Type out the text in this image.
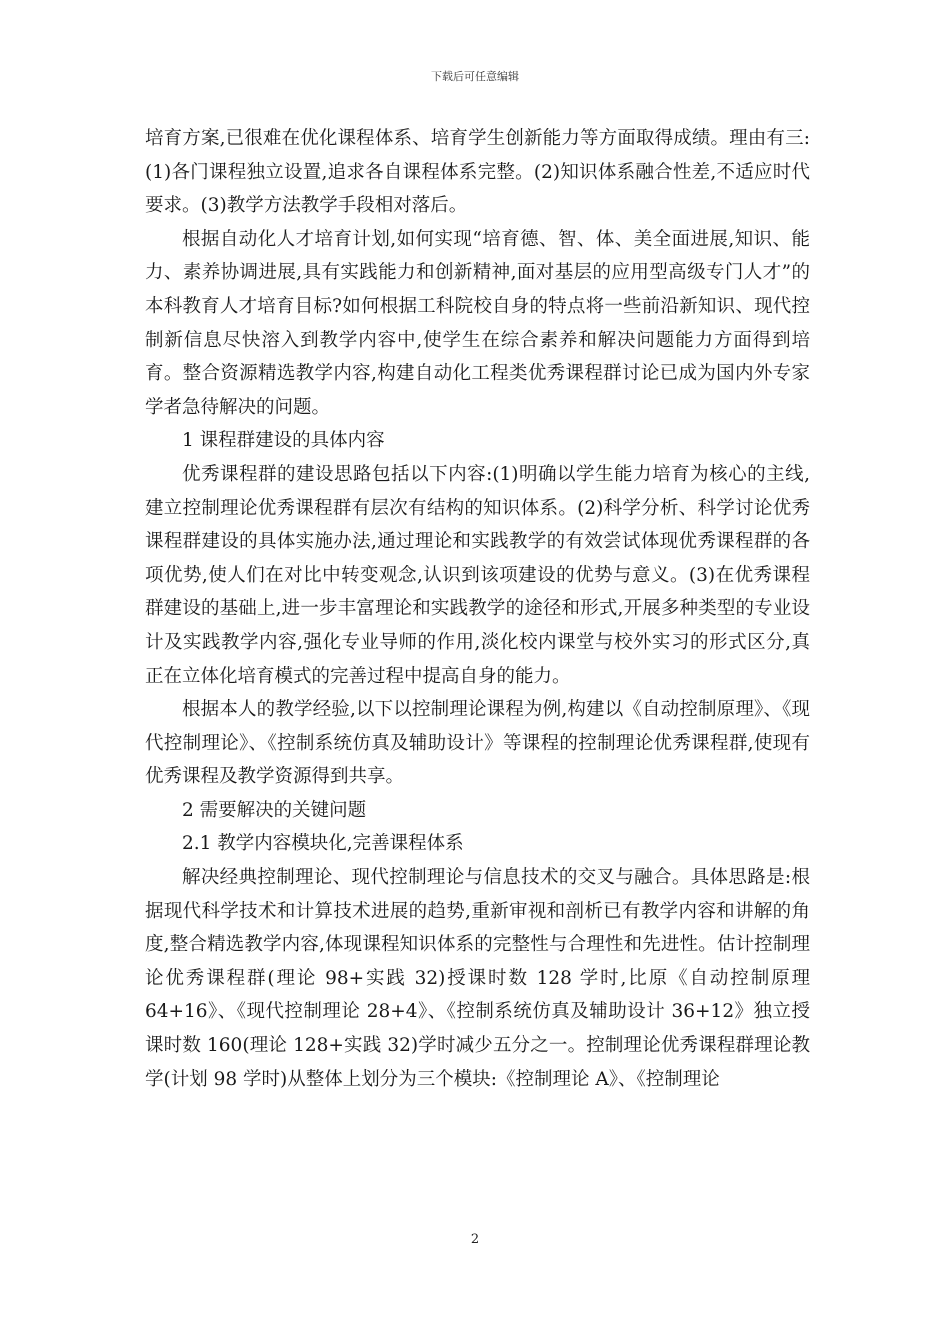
下载后可任意编辑

培育方案,已很难在优化课程体系、培育学生创新能力等方面取得成绩。理由有三:(1)各门课程独立设置,追求各自课程体系完整。(2)知识体系融合性差,不适应时代要求。(3)教学方法教学手段相对落后。

根据自动化人才培育计划,如何实现“培育德、智、体、美全面进展,知识、能力、素养协调进展,具有实践能力和创新精神,面对基层的应用型高级专门人才”的本科教育人才培育目标?如何根据工科院校自身的特点将一些前沿新知识、现代控制新信息尽快溶入到教学内容中,使学生在综合素养和解决问题能力方面得到培育。整合资源精选教学内容,构建自动化工程类优秀课程群讨论已成为国内外专家学者急待解决的问题。

1 课程群建设的具体内容

优秀课程群的建设思路包括以下内容:(1)明确以学生能力培育为核心的主线,建立控制理论优秀课程群有层次有结构的知识体系。(2)科学分析、科学讨论优秀课程群建设的具体实施办法,通过理论和实践教学的有效尝试体现优秀课程群的各项优势,使人们在对比中转变观念,认识到该项建设的优势与意义。(3)在优秀课程群建设的基础上,进一步丰富理论和实践教学的途径和形式,开展多种类型的专业设计及实践教学内容,强化专业导师的作用,淡化校内课堂与校外实习的形式区分,真正在立体化培育模式的完善过程中提高自身的能力。

根据本人的教学经验,以下以控制理论课程为例,构建以《自动控制原理》、《现代控制理论》、《控制系统仿真及辅助设计》等课程的控制理论优秀课程群,使现有优秀课程及教学资源得到共享。

2 需要解决的关键问题

2.1 教学内容模块化,完善课程体系

解决经典控制理论、现代控制理论与信息技术的交叉与融合。具体思路是:根据现代科学技术和计算技术进展的趋势,重新审视和剖析已有教学内容和讲解的角度,整合精选教学内容,体现课程知识体系的完整性与合理性和先进性。估计控制理论优秀课程群(理论 98+实践 32)授课时数 128 学时,比原《自动控制原理 64+16》、《现代控制理论 28+4》、《控制系统仿真及辅助设计 36+12》独立授课时数 160(理论 128+实践 32)学时减少五分之一。控制理论优秀课程群理论教学(计划 98 学时)从整体上划分为三个模块:《控制理论 A》、《控制理论

2
